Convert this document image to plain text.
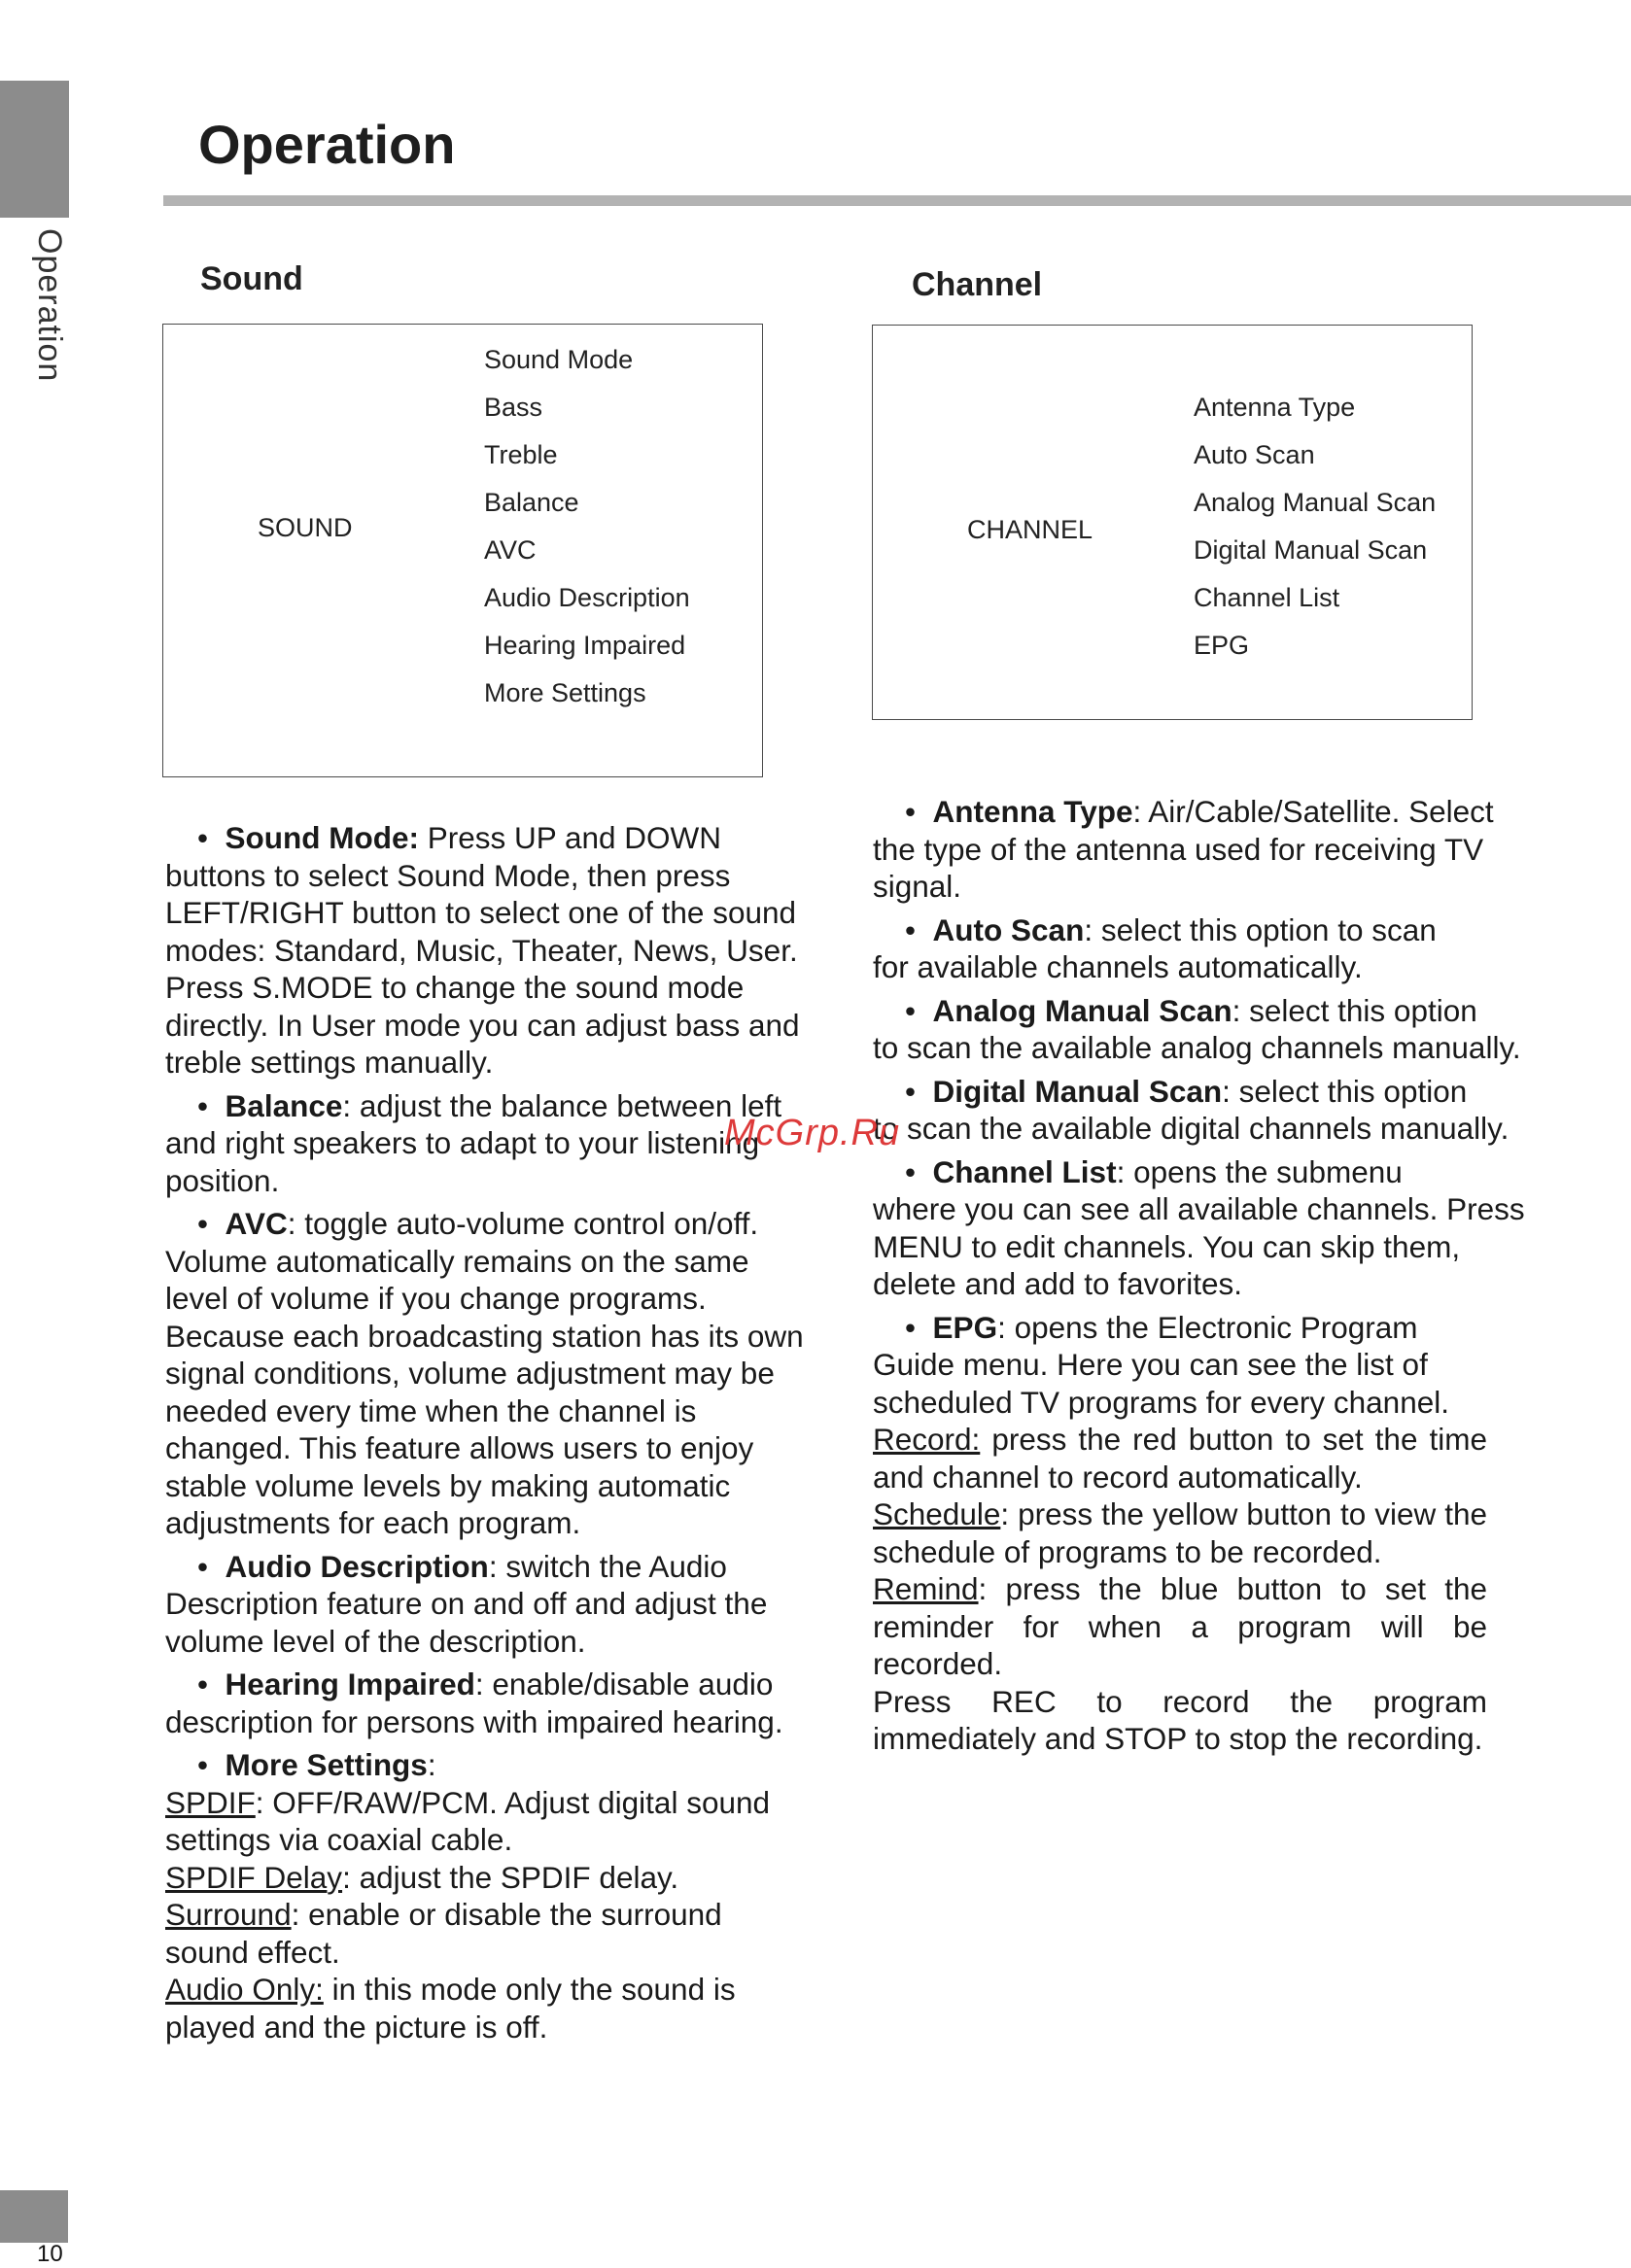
Operation
Operation
Sound
SOUND
Sound Mode
Bass
Treble
Balance
AVC
Audio Description
Hearing Impaired
More Settings

•  Sound Mode: Press UP and DOWN
buttons to select Sound Mode, then press LEFT/RIGHT button to select one of the sound modes: Standard, Music, Theater, News, User. Press S.MODE to change the sound mode directly. In User mode you can adjust bass and treble settings manually.

•  Balance: adjust the balance between left
and right speakers to adapt to your listening position.

•  AVC: toggle auto-volume control on/off.
Volume automatically remains on the same level of volume if you change programs. Because each broadcasting station has its own signal conditions, volume adjustment may be needed every time when the channel is changed. This feature allows users to enjoy stable volume levels by making automatic adjustments for each program.

•  Audio Description: switch the Audio
Description feature on and off and adjust the volume level of the description.

•  Hearing Impaired: enable/disable audio
description for persons with impaired hearing.

•  More Settings:
SPDIF: OFF/RAW/PCM. Adjust digital sound settings via coaxial cable.
SPDIF Delay: adjust the SPDIF delay.
Surround: enable or disable the surround sound effect.
Audio Only: in this mode only the sound is played and the picture is off.

Channel
CHANNEL
Antenna Type
Auto Scan
Analog Manual Scan
Digital Manual Scan
Channel List
EPG

•  Antenna Type: Air/Cable/Satellite. Select
the type of the antenna used for receiving TV signal.

•  Auto Scan: select this option to scan
for available channels automatically.

•  Analog Manual Scan: select this option
to scan the available analog channels manually.

•  Digital Manual Scan: select this option
to scan the available digital channels manually.

•  Channel List: opens the submenu
where you can see all available channels. Press MENU to edit channels. You can skip them, delete and add to favorites.

•  EPG: opens the Electronic Program
Guide menu. Here you can see the list of scheduled TV programs for every channel.

Record: press the red button to set the time and channel to record automatically.
Schedule: press the yellow button to view the schedule of programs to be recorded.
Remind: press the blue button to set the reminder for when a program will be recorded.
Press REC to record the program immediately and STOP to stop the recording.
McGrp.Ru
10
